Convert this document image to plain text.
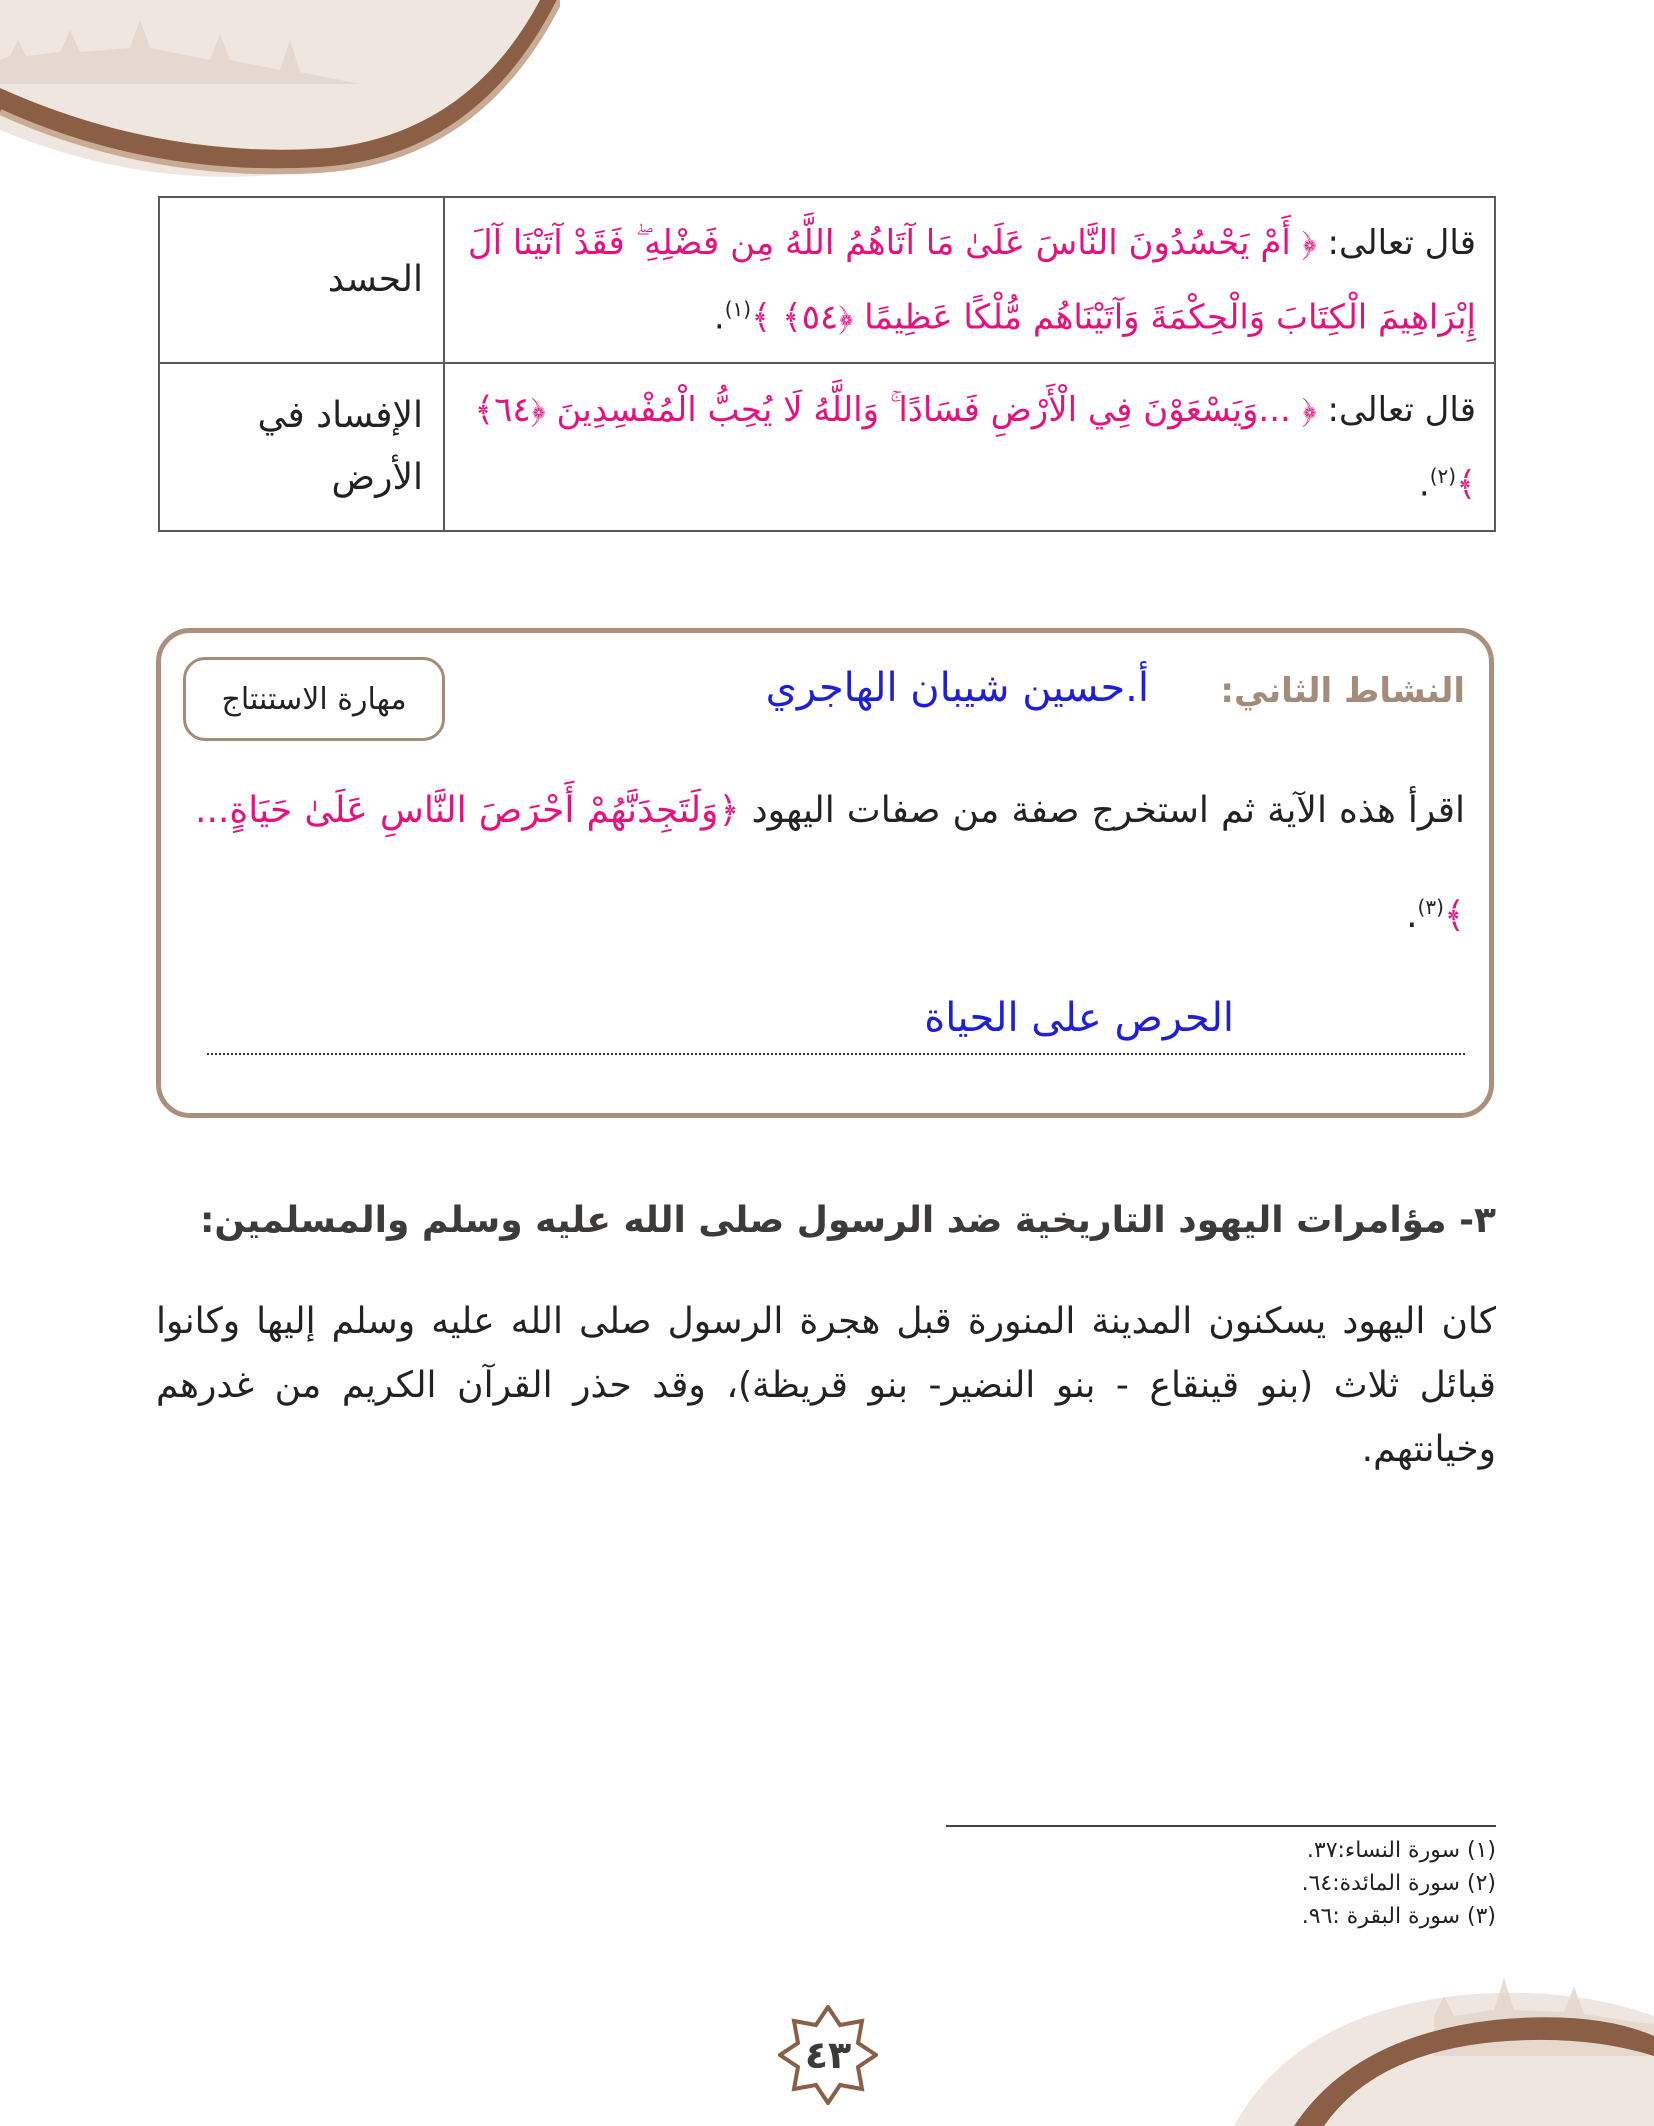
قال تعالى: ﴿ أَمْ يَحْسُدُونَ النَّاسَ عَلَىٰ مَا آتَاهُمُ اللَّهُ مِن فَضْلِهِ ۖ فَقَدْ آتَيْنَا آلَ إِبْرَاهِيمَ الْكِتَابَ وَالْحِكْمَةَ وَآتَيْنَاهُم مُّلْكًا عَظِيمًا ﴿٥٤﴾ ﴾$^{(١)}$.	الحسد
قال تعالى: ﴿ ...وَيَسْعَوْنَ فِي الْأَرْضِ فَسَادًا ۚ وَاللَّهُ لَا يُحِبُّ الْمُفْسِدِينَ ﴿٦٤﴾ ﴾$^{(٢)}$.	الإفساد في الأرض
النشاط الثاني:
أ.حسين شيبان الهاجري
مهارة الاستنتاج
اقرأ هذه الآية ثم استخرج صفة من صفات اليهود ﴿وَلَتَجِدَنَّهُمْ أَحْرَصَ النَّاسِ عَلَىٰ حَيَاةٍ... ﴾$^{(٣)}$.
الحرص على الحياة
٣- مؤامرات اليهود التاريخية ضد الرسول صلى الله عليه وسلم والمسلمين:
كان اليهود يسكنون المدينة المنورة قبل هجرة الرسول صلى الله عليه وسلم إليها وكانوا قبائل ثلاث (بنو قينقاع - بنو النضير- بنو قريظة)، وقد حذر القرآن الكريم من غدرهم وخيانتهم.
(١) سورة النساء:٣٧.
(٢) سورة المائدة:٦٤.
(٣) سورة البقرة :٩٦.
٤٣
